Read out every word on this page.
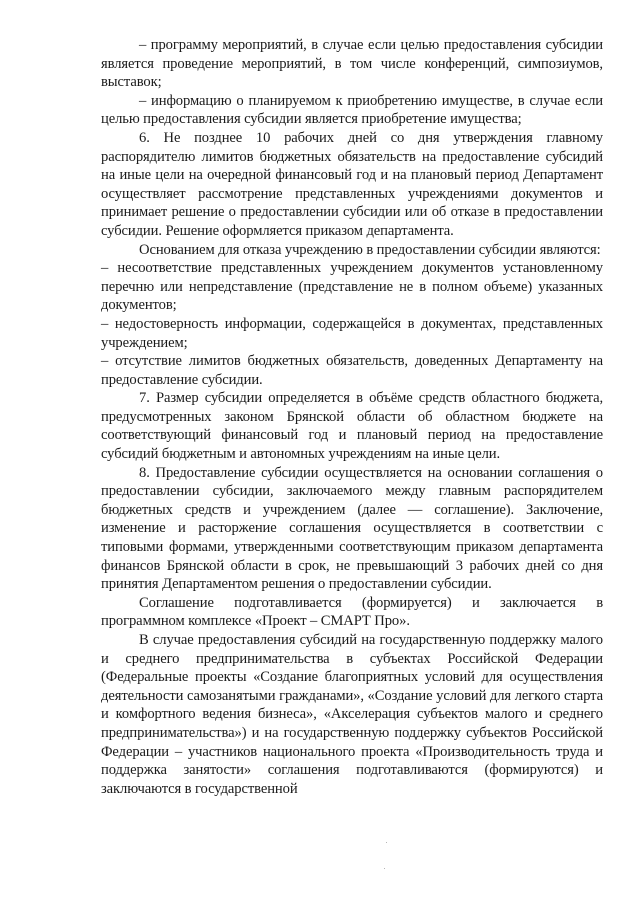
– программу мероприятий, в случае если целью предоставления субсидии является проведение мероприятий, в том числе конференций, симпозиумов, выставок;

– информацию о планируемом к приобретению имуществе, в случае если целью предоставления субсидии является приобретение имущества;

6. Не позднее 10 рабочих дней со дня утверждения главному распорядителю лимитов бюджетных обязательств на предоставление субсидий на иные цели на очередной финансовый год и на плановый период Департамент осуществляет рассмотрение представленных учреждениями документов и принимает решение о предоставлении субсидии или об отказе в предоставлении субсидии. Решение оформляется приказом департамента.

Основанием для отказа учреждению в предоставлении субсидии являются:

– несоответствие представленных учреждением документов установленному перечню или непредставление (представление не в полном объеме) указанных документов;

– недостоверность информации, содержащейся в документах, представленных учреждением;

– отсутствие лимитов бюджетных обязательств, доведенных Департаменту на предоставление субсидии.

7. Размер субсидии определяется в объёме средств областного бюджета, предусмотренных законом Брянской области об областном бюджете на соответствующий финансовый год и плановый период на предоставление субсидий бюджетным и автономных учреждениям на иные цели.

8. Предоставление субсидии осуществляется на основании соглашения о предоставлении субсидии, заключаемого между главным распорядителем бюджетных средств и учреждением (далее — соглашение). Заключение, изменение и расторжение соглашения осуществляется в соответствии с типовыми формами, утвержденными соответствующим приказом департамента финансов Брянской области в срок, не превышающий 3 рабочих дней со дня принятия Департаментом решения о предоставлении субсидии.

Соглашение подготавливается (формируется) и заключается в программном комплексе «Проект – СМАРТ Про».

В случае предоставления субсидий на государственную поддержку малого и среднего предпринимательства в субъектах Российской Федерации (Федеральные проекты «Создание благоприятных условий для осуществления деятельности самозанятыми гражданами», «Создание условий для легкого старта и комфортного ведения бизнеса», «Акселерация субъектов малого и среднего предпринимательства») и на государственную поддержку субъектов Российской Федерации – участников национального проекта «Производительность труда и поддержка занятости» соглашения подготавливаются (формируются) и заключаются в государственной
